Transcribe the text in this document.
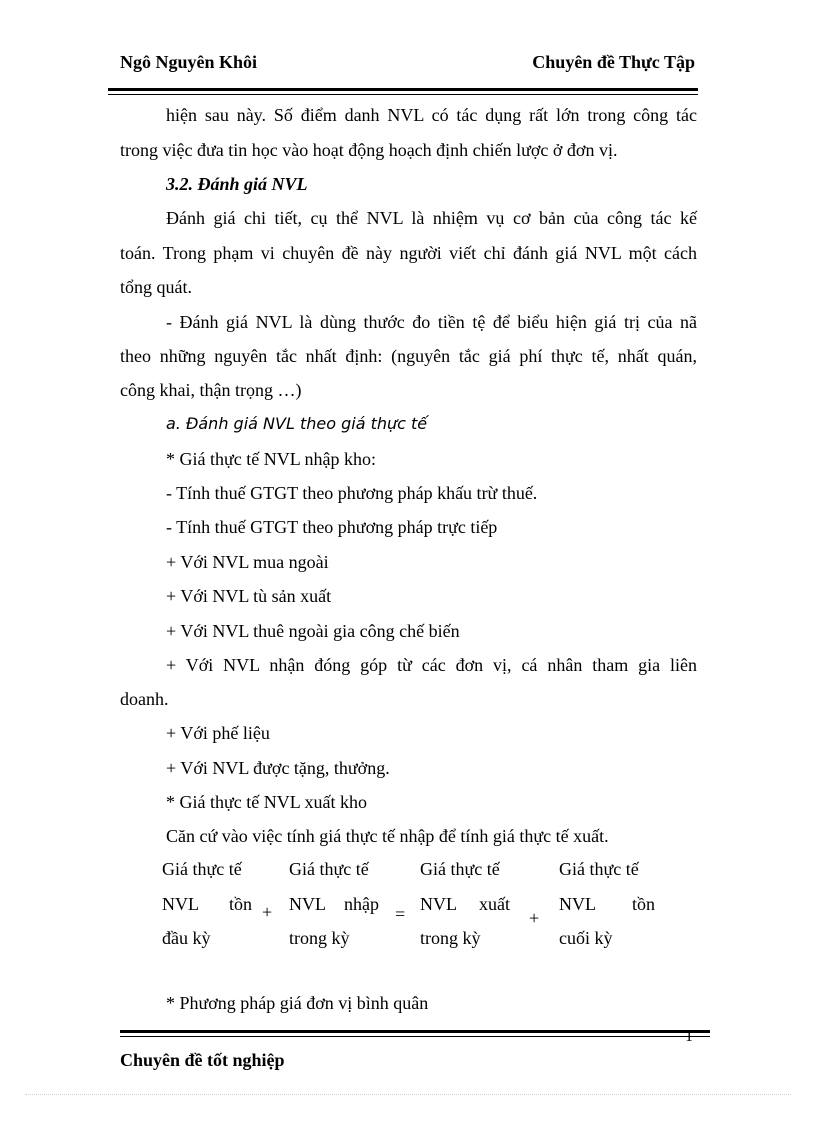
Ngô Nguyên Khôi	Chuyên đề Thực Tập
hiện sau này. Số điểm danh NVL có tác dụng rất lớn trong công tác
trong việc đưa tin học vào hoạt động hoạch định chiến lược ở đơn vị.
3.2. Đánh giá NVL
Đánh giá chi tiết, cụ thể NVL là nhiệm vụ cơ bản của công tác kế
toán. Trong phạm vi chuyên đề này người viết chỉ đánh giá NVL một cách
tổng quát.
- Đánh giá NVL là dùng thước đo tiền tệ để biểu hiện giá trị của nã
theo những nguyên tắc nhất định: (nguyên tắc giá phí thực tế, nhất quán,
công khai, thận trọng …)
a. Đánh giá NVL theo giá thực tế
* Giá thực tế NVL nhập kho:
- Tính thuế GTGT theo phương pháp khấu trừ thuế.
- Tính thuế GTGT theo phương pháp trực tiếp
+ Với NVL mua ngoài
+ Với NVL tù sản xuất
+ Với NVL thuê ngoài gia công chế biến
+ Với NVL nhận đóng góp từ các đơn vị, cá nhân tham gia liên
doanh.
+ Với phế liệu
+ Với NVL được tặng, thưởng.
* Giá thực tế NVL xuất kho
Căn cứ vào việc tính giá thực tế nhập để tính giá thực tế xuất.
Giá thực tế
NVL tồn
đầu kỳ
+
Giá thực tế
NVL nhập
trong kỳ
=
Giá thực tế
NVL xuất
trong kỳ
+
Giá thực tế
NVL tồn
cuối kỳ
* Phương pháp giá đơn vị bình quân
1
Chuyên đề tốt nghiệp
